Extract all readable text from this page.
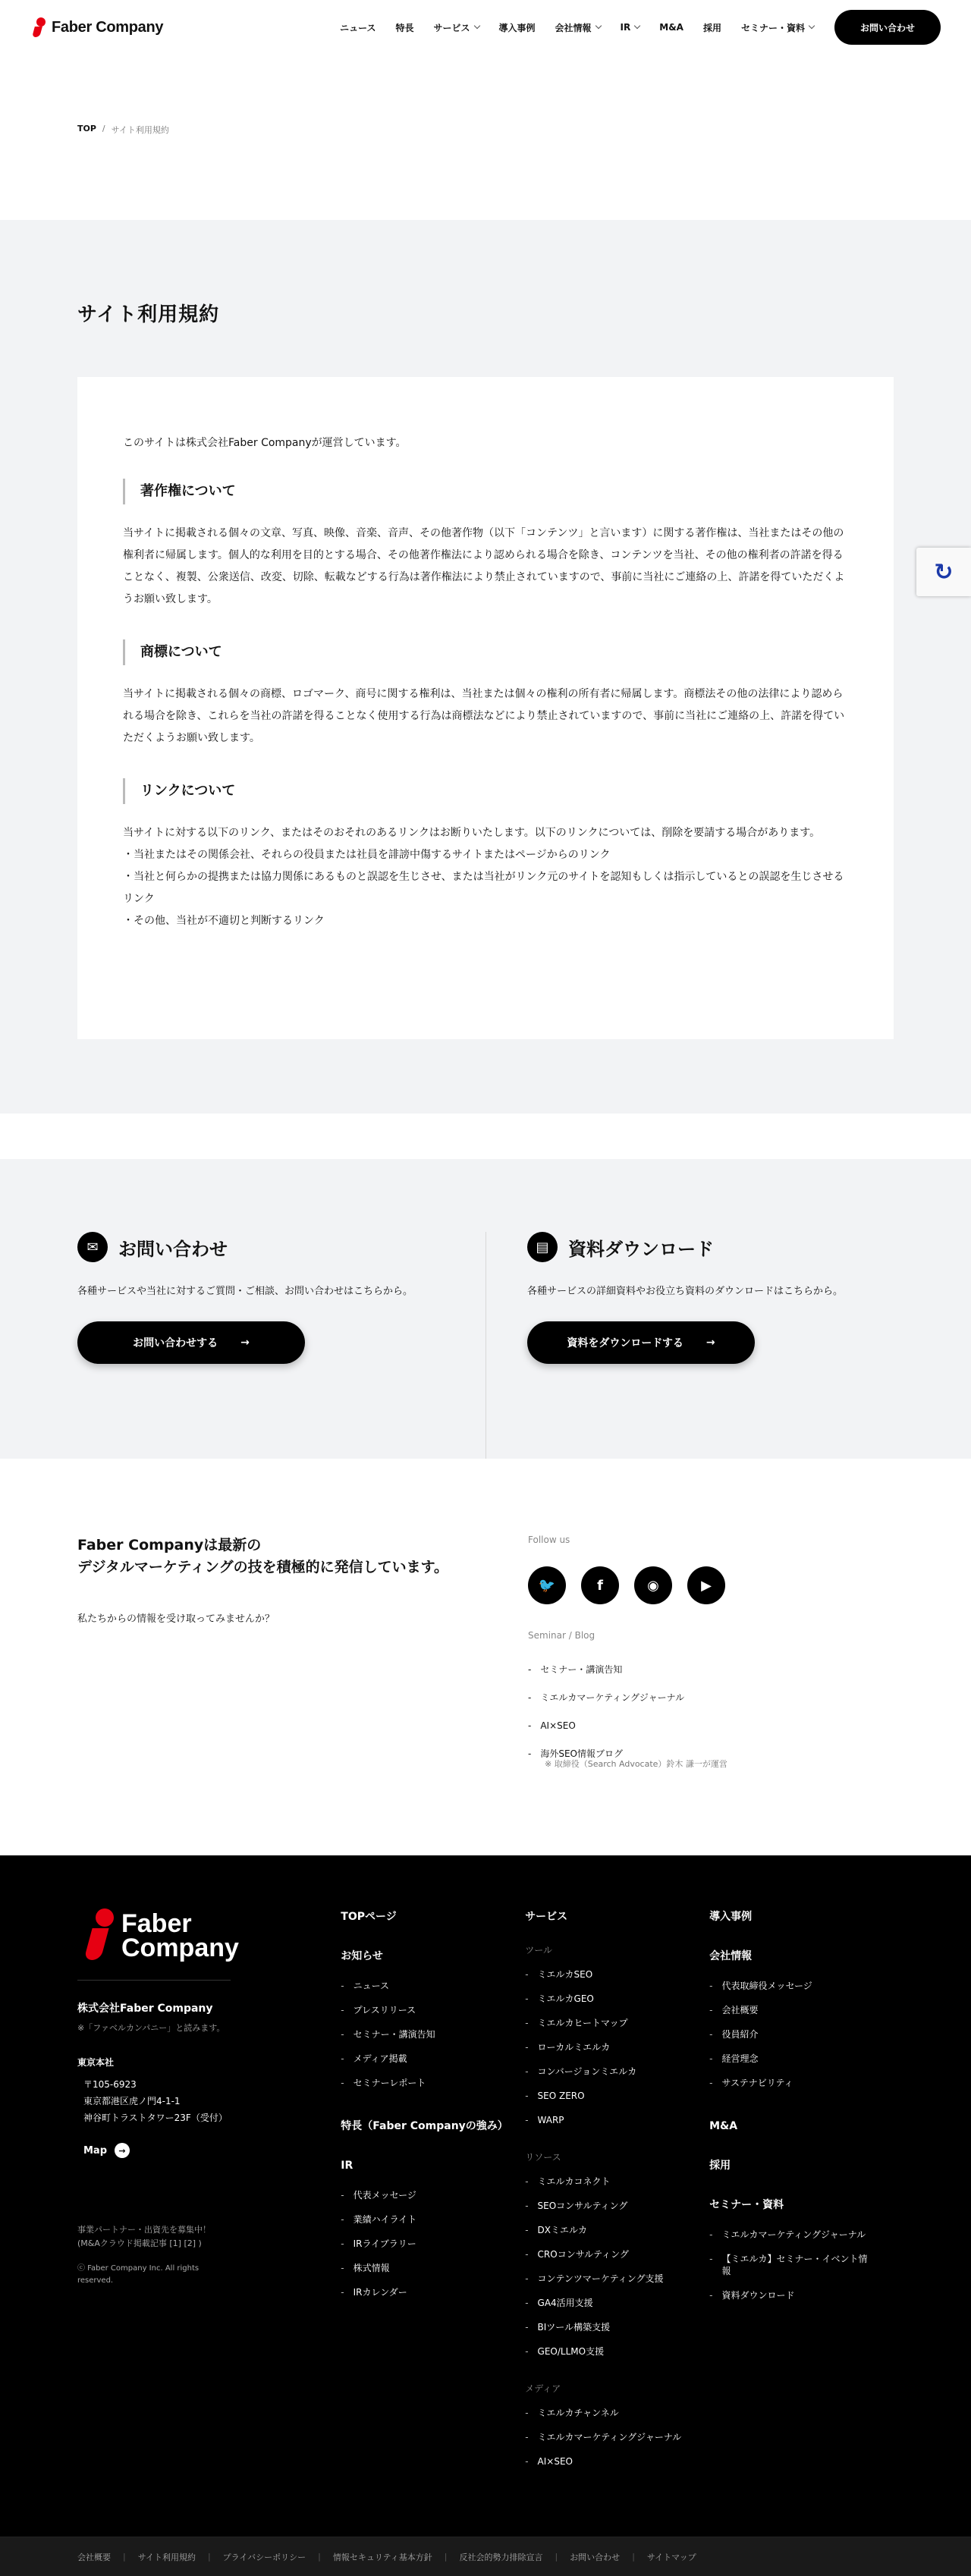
Faber Company	ニュース 特長 サービス	導入事例 会社情報	IR	M&A 採用 セミナー・資料	お問い合わせ
TOP / サイト利用規約
サイト利用規約

このサイトは株式会社Faber Companyが運営しています。

著作権について

当サイトに掲載される個々の文章、写真、映像、音楽、音声、その他著作物（以下「コンテンツ」と言います）に関する著作権は、当社またはその他の権利者に帰属します。個人的な利用を目的とする場合、その他著作権法により認められる場合を除き、コンテンツを当社、その他の権利者の許諾を得ることなく、複製、公衆送信、改変、切除、転載などする行為は著作権法により禁止されていますので、事前に当社にご連絡の上、許諾を得ていただくようお願い致します。

商標について

当サイトに掲載される個々の商標、ロゴマーク、商号に関する権利は、当社または個々の権利の所有者に帰属します。商標法その他の法律により認められる場合を除き、これらを当社の許諾を得ることなく使用する行為は商標法などにより禁止されていますので、事前に当社にご連絡の上、許諾を得ていただくようお願い致します。

リンクについて

当サイトに対する以下のリンク、またはそのおそれのあるリンクはお断りいたします。以下のリンクについては、削除を要請する場合があります。

・当社またはその関係会社、それらの役員または社員を誹謗中傷するサイトまたはページからのリンク

・当社と何らかの提携または協力関係にあるものと誤認を生じさせ、または当社がリンク元のサイトを認知もしくは指示しているとの誤認を生じさせるリンク

・その他、当社が不適切と判断するリンク

✉	お問い合わせ

各種サービスや当社に対するご質問・ご相談、お問い合わせはこちらから。

お問い合わせする →
▤	資料ダウンロード

各種サービスの詳細資料やお役立ち資料のダウンロードはこちらから。

資料をダウンロードする →
Faber Companyは最新の
デジタルマーケティングの技を積極的に発信しています。

私たちからの情報を受け取ってみませんか？

Follow us
🐦	f	◉	▶
Seminar / Blog
- セミナー・講演告知
- ミエルカマーケティングジャーナル
- AI×SEO
- 海外SEO情報ブログ
※ 取締役（Search Advocate）鈴木 謙一が運営
Faber
Company
株式会社Faber Company
※「ファベルカンパニー」と読みます。
東京本社
〒105-6923
東京都港区虎ノ門4-1-1
神谷町トラストタワー23F（受付）
Map	→
事業パートナー・出資先を募集中！
(M&Aクラウド掲載記事 [1] [2] )
ⓒ Faber Company Inc. All rights reserved.
TOPページ
お知らせ
- ニュース
- プレスリリース
- セミナー・講演告知
- メディア掲載
- セミナーレポート
特長（Faber Companyの強み）
IR
- 代表メッセージ
- 業績ハイライト
- IRライブラリー
- 株式情報
- IRカレンダー
サービス
ツール
- ミエルカSEO
- ミエルカGEO
- ミエルカヒートマップ
- ローカルミエルカ
- コンバージョンミエルカ
- SEO ZERO
- WARP
リソース
- ミエルカコネクト
- SEOコンサルティング
- DXミエルカ
- CROコンサルティング
- コンテンツマーケティング支援
- GA4活用支援
- BIツール構築支援
- GEO/LLMO支援
メディア
- ミエルカチャンネル
- ミエルカマーケティングジャーナル
- AI×SEO
導入事例
会社情報
- 代表取締役メッセージ
- 会社概要
- 役員紹介
- 経営理念
- サステナビリティ
M&A
採用
セミナー・資料
- ミエルカマーケティングジャーナル
- 【ミエルカ】セミナー・イベント情報
- 資料ダウンロード
会社概要 | サイト利用規約 | プライバシーポリシー | 情報セキュリティ基本方針 | 反社会的勢力排除宣言 | お問い合わせ | サイトマップ
↻
